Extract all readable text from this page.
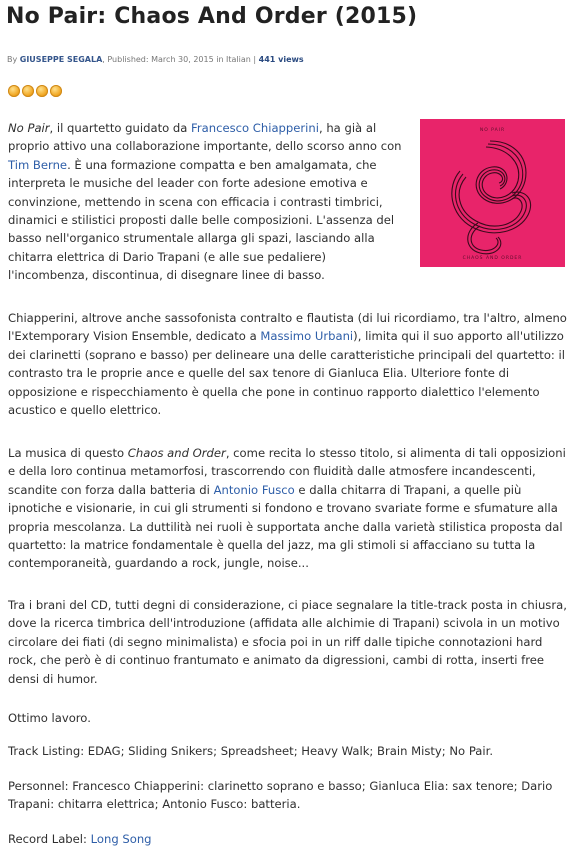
No Pair: Chaos And Order (2015)
By GIUSEPPE SEGALA, Published: March 30, 2015 in Italian | 441 views
NO PAIR
CHAOS AND ORDER

No Pair, il quartetto guidato da Francesco Chiapperini, ha già al proprio attivo una collaborazione importante, dello scorso anno con Tim Berne. È una formazione compatta e ben amalgamata, che interpreta le musiche del leader con forte adesione emotiva e convinzione, mettendo in scena con efficacia i contrasti timbrici, dinamici e stilistici proposti dalle belle composizioni. L'assenza del basso nell'organico strumentale allarga gli spazi, lasciando alla chitarra elettrica di Dario Trapani (e alle sue pedaliere) l'incombenza, discontinua, di disegnare linee di basso.

Chiapperini, altrove anche sassofonista contralto e flautista (di lui ricordiamo, tra l'altro, almeno l'Extemporary Vision Ensemble, dedicato a Massimo Urbani), limita qui il suo apporto all'utilizzo dei clarinetti (soprano e basso) per delineare una delle caratteristiche principali del quartetto: il contrasto tra le proprie ance e quelle del sax tenore di Gianluca Elia. Ulteriore fonte di opposizione e rispecchiamento è quella che pone in continuo rapporto dialettico l'elemento acustico e quello elettrico.

La musica di questo Chaos and Order, come recita lo stesso titolo, si alimenta di tali opposizioni e della loro continua metamorfosi, trascorrendo con fluidità dalle atmosfere incandescenti, scandite con forza dalla batteria di Antonio Fusco e dalla chitarra di Trapani, a quelle più ipnotiche e visionarie, in cui gli strumenti si fondono e trovano svariate forme e sfumature alla propria mescolanza. La duttilità nei ruoli è supportata anche dalla varietà stilistica proposta dal quartetto: la matrice fondamentale è quella del jazz, ma gli stimoli si affacciano su tutta la contemporaneità, guardando a rock, jungle, noise...

Tra i brani del CD, tutti degni di considerazione, ci piace segnalare la title-track posta in chiusra, dove la ricerca timbrica dell'introduzione (affidata alle alchimie di Trapani) scivola in un motivo circolare dei fiati (di segno minimalista) e sfocia poi in un riff dalle tipiche connotazioni hard rock, che però è di continuo frantumato e animato da digressioni, cambi di rotta, inserti free densi di humor.

Ottimo lavoro.

Track Listing: EDAG; Sliding Snikers; Spreadsheet; Heavy Walk; Brain Misty; No Pair.

Personnel: Francesco Chiapperini: clarinetto soprano e basso; Gianluca Elia: sax tenore; Dario Trapani: chitarra elettrica; Antonio Fusco: batteria.

Record Label: Long Song
